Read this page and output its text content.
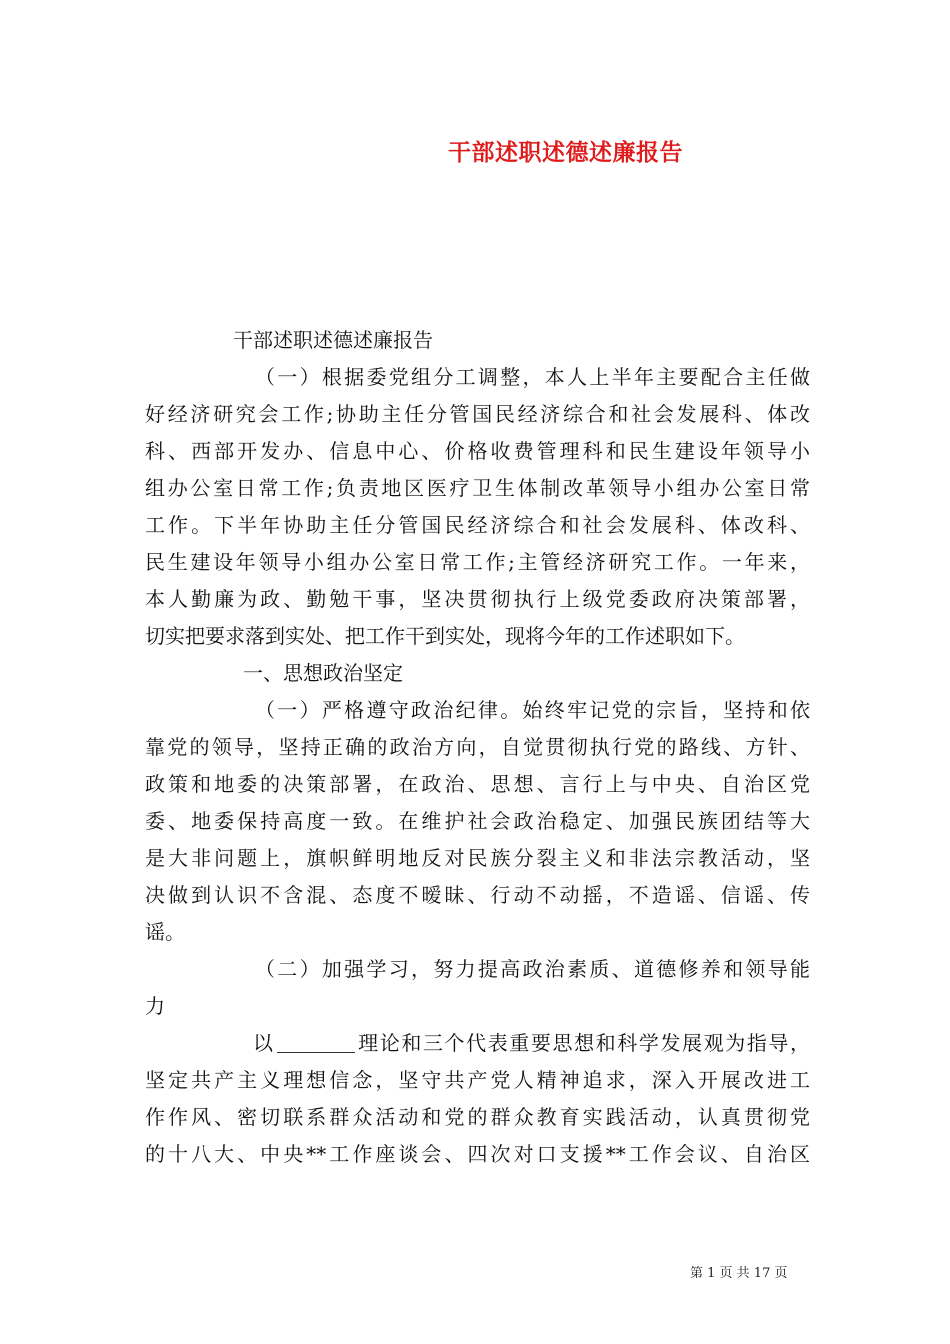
干部述职述德述廉报告
干部述职述德述廉报告
（一）根据委党组分工调整，本人上半年主要配合主任做
好经济研究会工作;协助主任分管国民经济综合和社会发展科、体改
科、西部开发办、信息中心、价格收费管理科和民生建设年领导小
组办公室日常工作;负责地区医疗卫生体制改革领导小组办公室日常
工作。下半年协助主任分管国民经济综合和社会发展科、体改科、
民生建设年领导小组办公室日常工作;主管经济研究工作。一年来，
本人勤廉为政、勤勉干事，坚决贯彻执行上级党委政府决策部署，
切实把要求落到实处、把工作干到实处，现将今年的工作述职如下。
一、思想政治坚定
（一）严格遵守政治纪律。始终牢记党的宗旨，坚持和依
靠党的领导，坚持正确的政治方向，自觉贯彻执行党的路线、方针、
政策和地委的决策部署，在政治、思想、言行上与中央、自治区党
委、地委保持高度一致。在维护社会政治稳定、加强民族团结等大
是大非问题上，旗帜鲜明地反对民族分裂主义和非法宗教活动，坚
决做到认识不含混、态度不暧昧、行动不动摇，不造谣、信谣、传
谣。
（二）加强学习，努力提高政治素质、道德修养和领导能
力
以	理论和三个代表重要思想和科学发展观为指导，
坚定共产主义理想信念，坚守共产党人精神追求，深入开展改进工
作作风、密切联系群众活动和党的群众教育实践活动，认真贯彻党
的十八大、中央**工作座谈会、四次对口支援**工作会议、自治区
第 1 页 共 17 页
